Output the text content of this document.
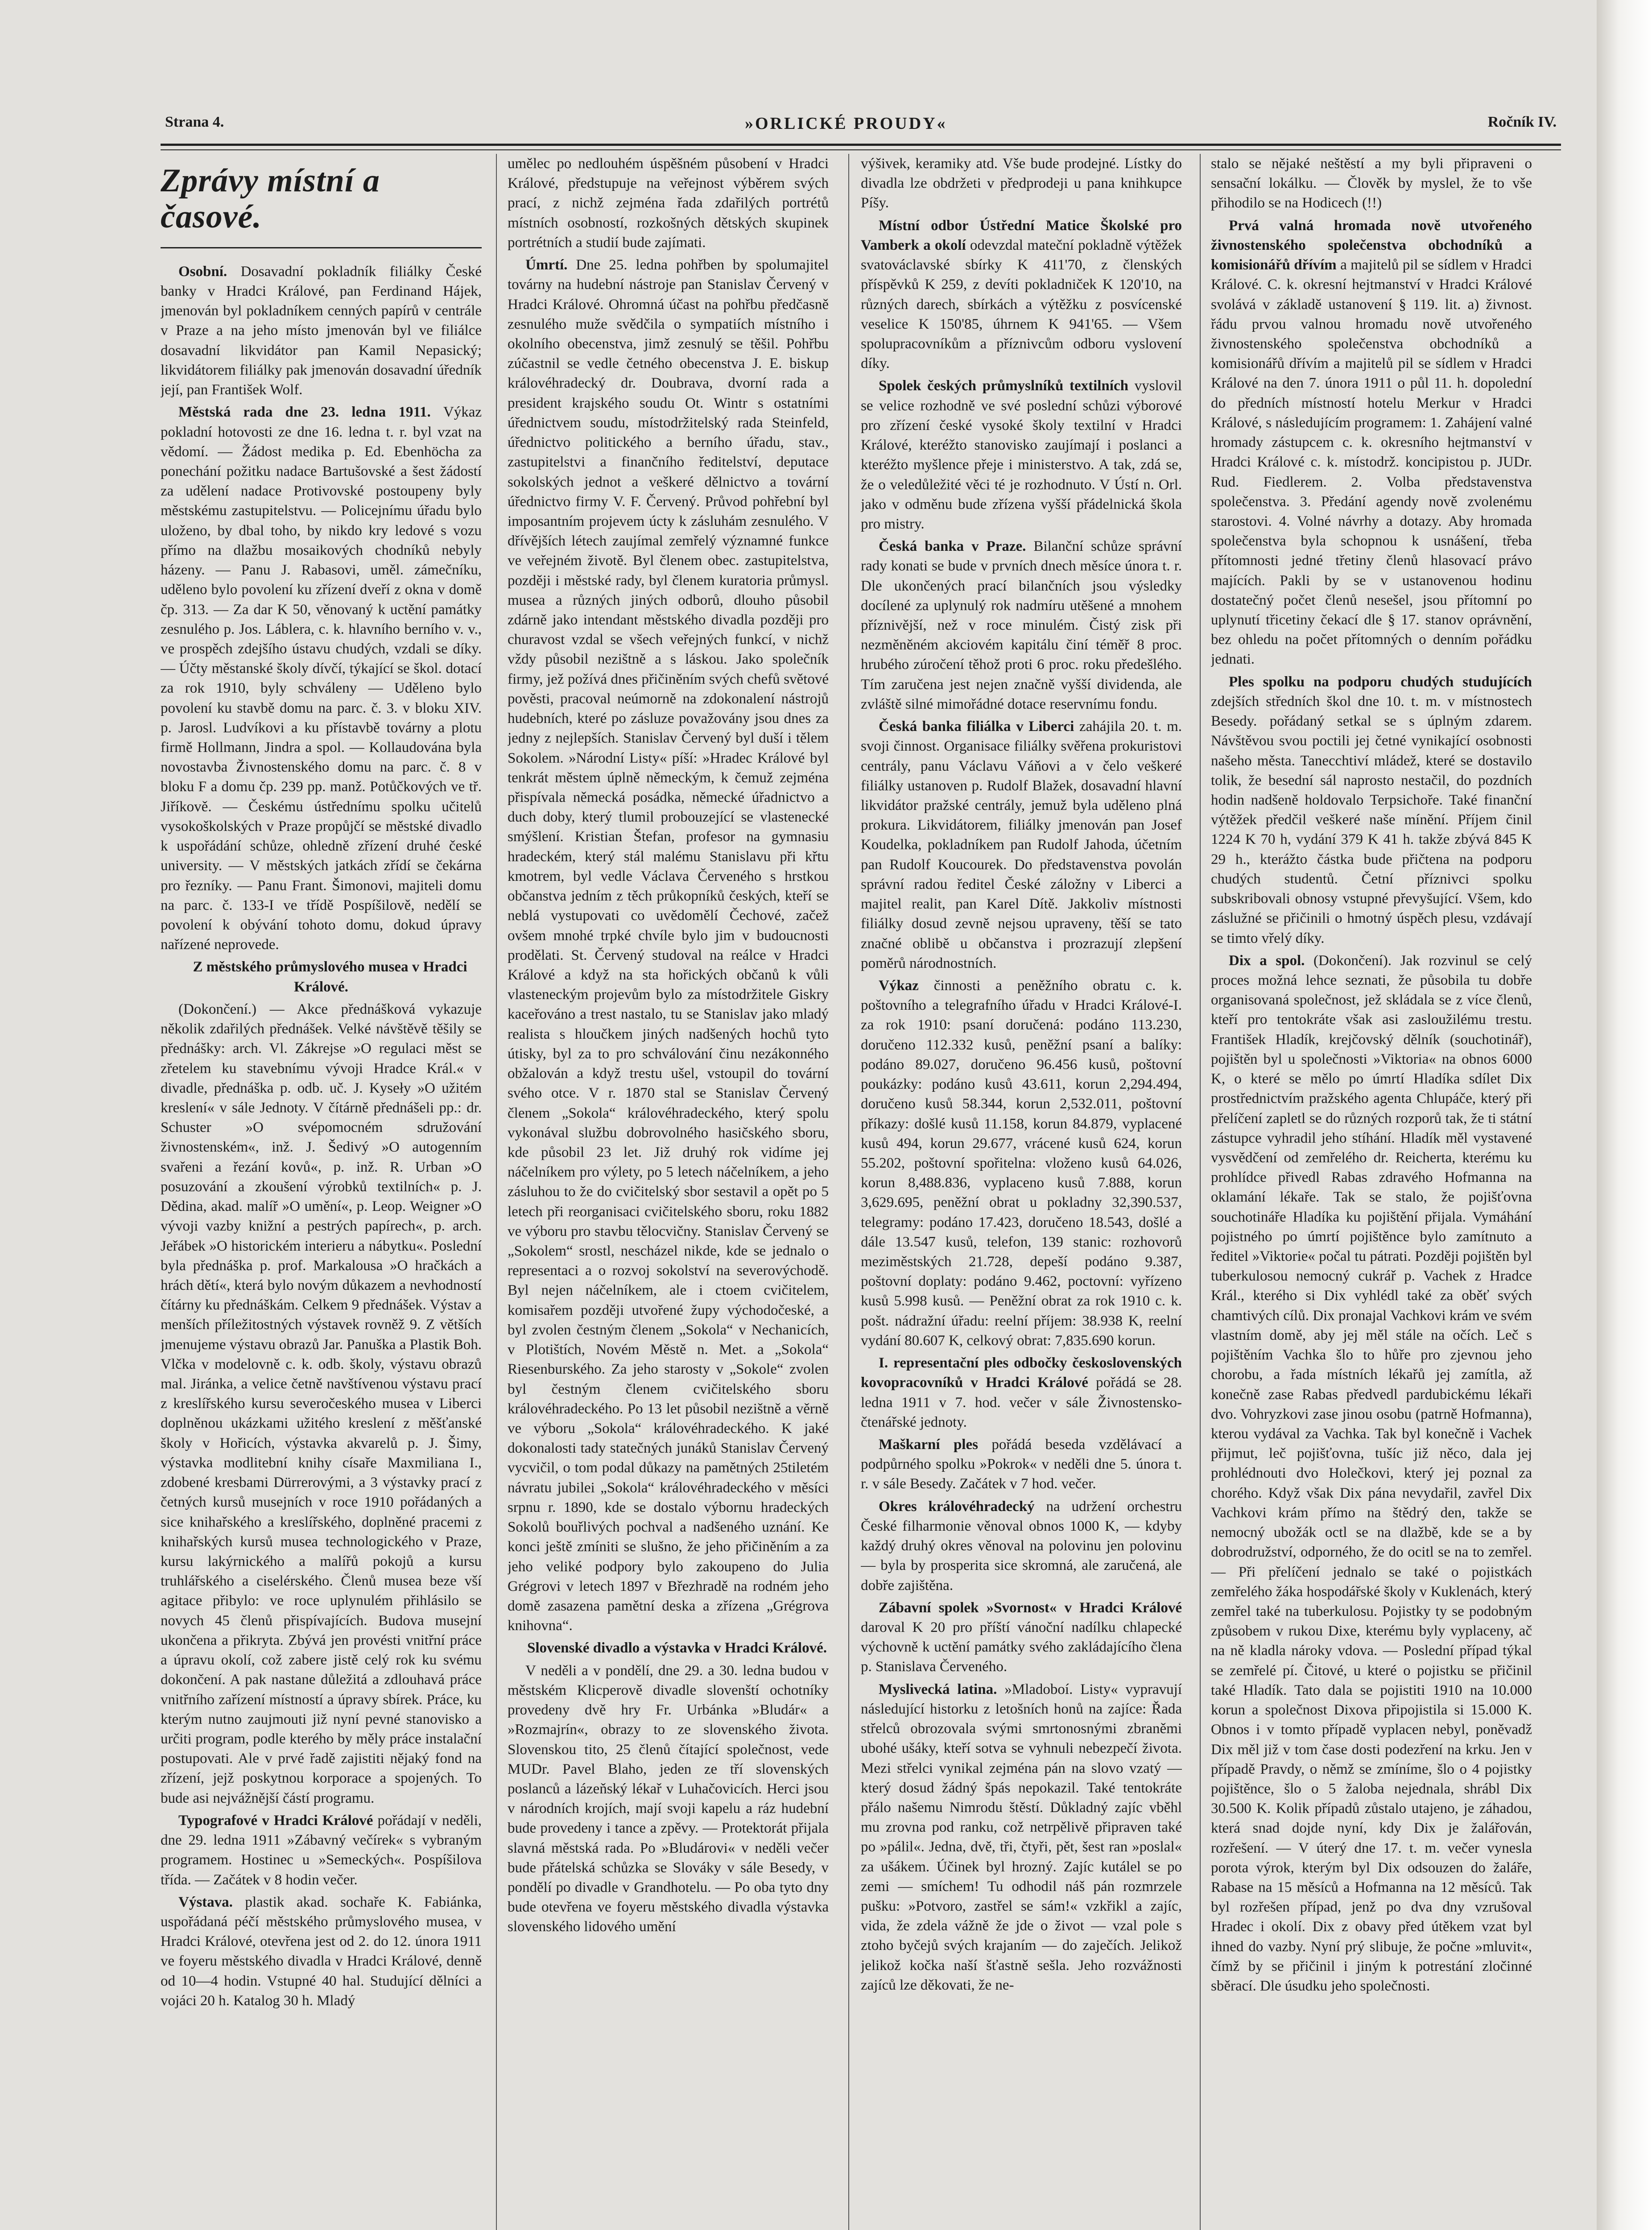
Strana 4.	»ORLICKÉ PROUDY«	Ročník IV.
Zprávy místní a časové.

Osobní. Dosavadní pokladník filiálky České banky v Hradci Králové, pan Ferdinand Hájek, jmenován byl pokladníkem cenných papírů v centrále v Praze a na jeho místo jmenován byl ve filiálce dosavadní likvidátor pan Kamil Nepasický; likvidátorem filiálky pak jmenován dosavadní úředník její, pan František Wolf.

Městská rada dne 23. ledna 1911. Výkaz pokladní hotovosti ze dne 16. ledna t. r. byl vzat na vědomí. — Žádost medika p. Ed. Ebenhöcha za ponechání požitku nadace Bartušovské a šest žádostí za udělení nadace Protivovské postoupeny byly městskému zastupitelstvu. — Policejnímu úřadu bylo uloženo, by dbal toho, by nikdo kry ledové s vozu přímo na dlažbu mosaikových chodníků nebyly házeny. — Panu J. Rabasovi, uměl. zámečníku, uděleno bylo povolení ku zřízení dveří z okna v domě čp. 313. — Za dar K 50, věnovaný k uctění památky zesnulého p. Jos. Láblera, c. k. hlavního berního v. v., ve prospěch zdejšího ústavu chudých, vzdali se díky. — Účty městanské školy dívčí, týkající se škol. dotací za rok 1910, byly schváleny — Uděleno bylo povolení ku stavbě domu na parc. č. 3. v bloku XIV. p. Jarosl. Ludvíkovi a ku přístavbě továrny a plotu firmě Hollmann, Jindra a spol. — Kollaudována byla novostavba Živnostenského domu na parc. č. 8 v bloku F a domu čp. 239 pp. manž. Potůčkových ve tř. Jiříkově. — Českému ústřednímu spolku učitelů vysokoškolských v Praze propůjčí se městské divadlo k uspořádání schůze, ohledně zřízení druhé české university. — V městských jatkách zřídí se čekárna pro řezníky. — Panu Frant. Šimonovi, majiteli domu na parc. č. 133-I ve třídě Pospíšilově, nedělí se povolení k obývání tohoto domu, dokud úpravy nařízené neprovede.

Z městského průmyslového musea v Hradci Králové.

(Dokončení.) — Akce přednášková vykazuje několik zdařilých přednášek. Velké návštěvě těšily se přednášky: arch. Vl. Zákrejse »O regulaci měst se zřetelem ku stavebnímu vývoji Hradce Král.« v divadle, přednáška p. odb. uč. J. Kyseły »O užitém kreslení« v sále Jednoty. V čítárně přednášeli pp.: dr. Schuster »O svépomocném sdružování živnostenském«, inž. J. Šedivý »O autogenním svařeni a řezání kovů«, p. inž. R. Urban »O posuzování a zkoušení výrobků textilních« p. J. Dědina, akad. malíř »O umění«, p. Leop. Weigner »O vývoji vazby knižní a pestrých papírech«, p. arch. Jeřábek »O historickém interieru a nábytku«. Poslední byla přednáška p. prof. Markalousa »O hračkách a hrách dětí«, která bylo novým důkazem a nevhodností čítárny ku přednáškám. Celkem 9 přednášek. Výstav a menších příležitostných výstavek rovněž 9. Z větších jmenujeme výstavu obrazů Jar. Panuška a Plastik Boh. Vlčka v modelovně c. k. odb. školy, výstavu obrazů mal. Jiránka, a velice četně navštívenou výstavu prací z kreslířského kursu severočeského musea v Liberci doplněnou ukázkami užitého kreslení z měšťanské školy v Hořicích, výstavka akvarelů p. J. Šimy, výstavka modlitební knihy císaře Maxmiliana I., zdobené kresbami Dürrerovými, a 3 výstavky prací z četných kursů musejních v roce 1910 pořádaných a sice knihařského a kreslířského, doplněné pracemi z knihařských kursů musea technologického v Praze, kursu lakýrnického a malířů pokojů a kursu truhlářského a ciselérského. Členů musea beze vší agitace přibylo: ve roce uplynulém přihlásilo se novych 45 členů přispívajících. Budova musejní ukončena a přikryta. Zbývá jen provésti vnitřní práce a úpravu okolí, což zabere jistě celý rok ku svému dokončení. A pak nastane důležitá a zdlouhavá práce vnitřního zařízení místností a úpravy sbírek. Práce, ku kterým nutno zaujmouti již nyní pevné stanovisko a určiti program, podle kterého by měly práce instalační postupovati. Ale v prvé řadě zajistiti nějaký fond na zřízení, jejž poskytnou korporace a spojených. To bude asi nejvážnější částí programu.

Typografové v Hradci Králové pořádají v neděli, dne 29. ledna 1911 »Zábavný večírek« s vybraným programem. Hostinec u »Semeckých«. Pospíšilova třída. — Začátek v 8 hodin večer.

Výstava. plastik akad. sochaře K. Fabiánka, uspořádaná péčí městského průmyslového musea, v Hradci Králové, otevřena jest od 2. do 12. února 1911 ve foyeru městského divadla v Hradci Králové, denně od 10—4 hodin. Vstupné 40 hal. Studující dělníci a vojáci 20 h. Katalog 30 h. Mladý

umělec po nedlouhém úspěšném působení v Hradci Králové, předstupuje na veřejnost výběrem svých prací, z nichž zejména řada zdařilých portrétů místních osobností, rozkošných dětských skupinek portrétních a studií bude zajímati.

Úmrtí. Dne 25. ledna pohřben by spolumajitel továrny na hudební nástroje pan Stanislav Červený v Hradci Králové. Ohromná účast na pohřbu předčasně zesnulého muže svědčila o sympatiích místního i okolního obecenstva, jimž zesnulý se těšil. Pohřbu zúčastnil se vedle četného obecenstva J. E. biskup královéhradecký dr. Doubrava, dvorní rada a president krajského soudu Ot. Wintr s ostatními úřednictvem soudu, místodržitelský rada Steinfeld, úřednictvo politického a berního úřadu, stav., zastupitelstvi a finančního ředitelství, deputace sokolských jednot a veškeré dělnictvo a tovární úřednictvo firmy V. F. Červený. Průvod pohřební byl imposantním projevem úcty k zásluhám zesnulého. V dřívějších létech zaujímal zemřelý významné funkce ve veřejném životě. Byl členem obec. zastupitelstva, později i městské rady, byl členem kuratoria průmysl. musea a různých jiných odborů, dlouho působil zdárně jako intendant městského divadla později pro churavost vzdal se všech veřejných funkcí, v nichž vždy působil nezištně a s láskou. Jako společník firmy, jež požívá dnes přičiněním svých chefů světové pověsti, pracoval neúmorně na zdokonalení nástrojů hudebních, které po zásluze považovány jsou dnes za jedny z nejlepších. Stanislav Červený byl duší i tělem Sokolem. »Národní Listy« píší: »Hradec Králové byl tenkrát městem úplně německým, k čemuž zejména přispívala německá posádka, německé úřadnictvo a duch doby, který tlumil probouzející se vlastenecké smýšlení. Kristian Štefan, profesor na gymnasiu hradeckém, který stál malému Stanislavu při křtu kmotrem, byl vedle Václava Červeného s hrstkou občanstva jedním z těch průkopníků českých, kteří se neblá vystupovati co uvědomělí Čechové, začež ovšem mnohé trpké chvíle bylo jim v budoucnosti prodělati. St. Červený studoval na reálce v Hradci Králové a když na sta hořických občanů k vůli vlasteneckým projevům bylo za místodržitele Giskry kaceřováno a trest nastalo, tu se Stanislav jako mladý realista s hloučkem jiných nadšených hochů tyto útisky, byl za to pro schválování činu nezákonného obžalován a když trestu ušel, vstoupil do tovární svého otce. V r. 1870 stal se Stanislav Červený členem „Sokola“ královéhradeckého, který spolu vykonával službu dobrovolného hasičského sboru, kde působil 23 let. Již druhý rok vidíme jej náčelníkem pro výlety, po 5 letech náčelníkem, a jeho zásluhou to že do cvičitelský sbor sestavil a opět po 5 letech při reorganisaci cvičitelského sboru, roku 1882 ve výboru pro stavbu tělocvičny. Stanislav Červený se „Sokolem“ srostl, nescházel nikde, kde se jednalo o representaci a o rozvoj sokolství na severovýchodě. Byl nejen náčelníkem, ale i ctoem cvičitelem, komisařem později utvořené župy východočeské, a byl zvolen čestným členem „Sokola“ v Nechanicích, v Plotištích, Novém Městě n. Met. a „Sokola“ Riesenburského. Za jeho starosty v „Sokole“ zvolen byl čestným členem cvičitelského sboru královéhradeckého. Po 13 let působil nezištně a věrně ve výboru „Sokola“ královéhradeckého. K jaké dokonalosti tady statečných junáků Stanislav Červený vycvičil, o tom podal důkazy na pamětných 25tiletém návratu jubilei „Sokola“ královéhradeckého v měsíci srpnu r. 1890, kde se dostalo výbornu hradeckých Sokolů bouřlivých pochval a nadšeného uznání. Ke konci ještě zmíniti se slušno, že jeho přičiněním a za jeho veliké podpory bylo zakoupeno do Julia Grégrovi v letech 1897 v Březhradě na rodném jeho domě zasazena pamětní deska a zřízena „Grégrova knihovna“.

Slovenské divadlo a výstavka v Hradci Králové.

V neděli a v pondělí, dne 29. a 30. ledna budou v městském Klicperově divadle slovenští ochotníky provedeny dvě hry Fr. Urbánka »Bludár« a »Rozmajrín«, obrazy to ze slovenského života. Slovenskou tito, 25 členů čítající společnost, vede MUDr. Pavel Blaho, jeden ze tří slovenských poslanců a lázeňský lékař v Luhačovicích. Herci jsou v národních krojích, mají svoji kapelu a ráz hudební bude provedeny i tance a zpěvy. — Protektorát přijala slavná městská rada. Po »Bludárovi« v neděli večer bude přátelská schůzka se Slováky v sále Besedy, v pondělí po divadle v Grandhotelu. — Po oba tyto dny bude otevřena ve foyeru městského divadla výstavka slovenského lidového umění

výšivek, keramiky atd. Vše bude prodejné. Lístky do divadla lze obdržeti v předprodeji u pana knihkupce Píšy.

Místní odbor Ústřední Matice Školské pro Vamberk a okolí odevzdal mateční pokladně výtěžek svatováclavské sbírky K 411'70, z členských příspěvků K 259, z devíti pokladniček K 120'10, na různých darech, sbírkách a výtěžku z posvícenské veselice K 150'85, úhrnem K 941'65. — Všem spolupracovníkům a příznivcům odboru vyslovení díky.

Spolek českých průmyslníků textilních vyslovil se velice rozhodně ve své poslední schůzi výborové pro zřízení české vysoké školy textilní v Hradci Králové, kteréžto stanovisko zaujímají i poslanci a kteréžto myšlence přeje i ministerstvo. A tak, zdá se, že o veledůležité věci té je rozhodnuto. V Ústí n. Orl. jako v odměnu bude zřízena vyšší přádelnická škola pro mistry.

Česká banka v Praze. Bilanční schůze správní rady konati se bude v prvních dnech měsíce února t. r. Dle ukončených prací bilančních jsou výsledky docílené za uplynulý rok nadmíru utěšené a mnohem příznivější, než v roce minulém. Čistý zisk při nezměněném akciovém kapitálu činí téměř 8 proc. hrubého zúročení těhož proti 6 proc. roku předešlého. Tím zaručena jest nejen značně vyšší dividenda, ale zvláště silné mimořádné dotace reservnímu fondu.

Česká banka filiálka v Liberci zahájila 20. t. m. svoji činnost. Organisace filiálky svěřena prokuristovi centrály, panu Václavu Váňovi a v čelo veškeré filiálky ustanoven p. Rudolf Blažek, dosavadní hlavní likvidátor pražské centrály, jemuž byla uděleno plná prokura. Likvidátorem, filiálky jmenován pan Josef Koudelka, pokladníkem pan Rudolf Jahoda, účetním pan Rudolf Koucourek. Do představenstva povolán správní radou ředitel České záložny v Liberci a majitel realit, pan Karel Dítě. Jakkoliv místnosti filiálky dosud zevně nejsou upraveny, těší se tato značné oblibě u občanstva i prozrazují zlepšení poměrů národnostních.

Výkaz činnosti a peněžního obratu c. k. poštovního a telegrafního úřadu v Hradci Králové-I. za rok 1910: psaní doručená: podáno 113.230, doručeno 112.332 kusů, peněžní psaní a balíky: podáno 89.027, doručeno 96.456 kusů, poštovní poukázky: podáno kusů 43.611, korun 2,294.494, doručeno kusů 58.344, korun 2,532.011, poštovní příkazy: došlé kusů 11.158, korun 84.879, vyplacené kusů 494, korun 29.677, vrácené kusů 624, korun 55.202, poštovní spořitelna: vloženo kusů 64.026, korun 8,488.836, vyplaceno kusů 7.888, korun 3,629.695, peněžní obrat u pokladny 32,390.537, telegramy: podáno 17.423, doručeno 18.543, došlé a dále 13.547 kusů, telefon, 139 stanic: rozhovorů meziměstských 21.728, depeší podáno 9.387, poštovní doplaty: podáno 9.462, poctovní: vyřízeno kusů 5.998 kusů. — Peněžní obrat za rok 1910 c. k. pošt. nádražní úřadu: reelní příjem: 38.938 K, reelní vydání 80.607 K, celkový obrat: 7,835.690 korun.

I. representační ples odbočky československých kovopracovníků v Hradci Králové pořádá se 28. ledna 1911 v 7. hod. večer v sále Živnostensko-čtenářské jednoty.

Maškarní ples pořádá beseda vzdělávací a podpůrného spolku »Pokrok« v neděli dne 5. února t. r. v sále Besedy. Začátek v 7 hod. večer.

Okres královéhradecký na udržení orchestru České filharmonie věnoval obnos 1000 K, — kdyby každý druhý okres věnoval na polovinu jen polovinu — byla by prosperita sice skromná, ale zaručená, ale dobře zajištěna.

Zábavní spolek »Svornost« v Hradci Králové daroval K 20 pro příští vánoční nadílku chlapecké výchovně k uctění památky svého zakládajícího člena p. Stanislava Červeného.

Myslivecká latina. »Mladoboí. Listy« vypravují následující historku z letošních honů na zajíce: Řada střelců obrozovala svými smrtonosnými zbraněmi ubohé ušáky, kteří sotva se vyhnuli nebezpečí života. Mezi střelci vynikal zejména pán na slovo vzatý — který dosud žádný špás nepokazil. Také tentokráte přálo našemu Nimrodu štěstí. Důkladný zajíc vběhl mu zrovna pod ranku, což netrpělivě připraven také po »pálil«. Jedna, dvě, tři, čtyři, pět, šest ran »poslal« za ušákem. Účinek byl hrozný. Zajíc kutálel se po zemi — smíchem! Tu odhodil náš pán rozmrzele pušku: »Potvoro, zastřel se sám!« vzkřikl a zajíc, vida, že zdela vážně že jde o život — vzal pole s ztoho byčejů svých krajaním — do zaječích. Jelikož jelikož kočka naší šťastně sešla. Jeho rozvážnosti zajíců lze děkovati, že ne-

stalo se nějaké neštěstí a my byli připraveni o sensační lokálku. — Člověk by myslel, že to vše přihodilo se na Hodicech (!!)

Prvá valná hromada nově utvořeného živnostenského společenstva obchodníků a komisionářů dřívím a majitelů pil se sídlem v Hradci Králové. C. k. okresní hejtmanství v Hradci Králové svolává v základě ustanovení § 119. lit. a) živnost. řádu prvou valnou hromadu nově utvořeného živnostenského společenstva obchodníků a komisionářů dřívím a majitelů pil se sídlem v Hradci Králové na den 7. února 1911 o půl 11. h. dopolední do předních místností hotelu Merkur v Hradci Králové, s následujícím programem: 1. Zahájení valné hromady zástupcem c. k. okresního hejtmanství v Hradci Králové c. k. místodrž. koncipistou p. JUDr. Rud. Fiedlerem. 2. Volba představenstva společenstva. 3. Předání agendy nově zvolenému starostovi. 4. Volné návrhy a dotazy. Aby hromada společenstva byla schopnou k usnášení, třeba přítomnosti jedné třetiny členů hlasovací právo majících. Pakli by se v ustanovenou hodinu dostatečný počet členů nesešel, jsou přítomní po uplynutí třicetiny čekací dle § 17. stanov oprávnění, bez ohledu na počet přítomných o denním pořádku jednati.

Ples spolku na podporu chudých studujících zdejších středních škol dne 10. t. m. v místnostech Besedy. pořádaný setkal se s úplným zdarem. Návštěvou svou poctili jej četné vynikající osobnosti našeho města. Tanecchtiví mládež, které se dostavilo tolik, že besední sál naprosto nestačil, do pozdních hodin nadšeně holdovalo Terpsichoře. Také finanční výtěžek předčil veškeré naše mínění. Příjem činil 1224 K 70 h, vydání 379 K 41 h. takže zbývá 845 K 29 h., kterážto částka bude přičtena na podporu chudých studentů. Četní příznivci spolku subskribovali obnosy vstupné převyšující. Všem, kdo záslužné se přičinili o hmotný úspěch plesu, vzdávají se timto vřelý díky.

Dix a spol. (Dokončení). Jak rozvinul se celý proces možná lehce seznati, že působila tu dobře organisovaná společnost, jež skládala se z více členů, kteří pro tentokráte však asi zasloužilému trestu. František Hladík, krejčovský dělník (souchotinář), pojištěn byl u společnosti »Viktoria« na obnos 6000 K, o které se mělo po úmrtí Hladíka sdílet Dix prostřednictvím pražského agenta Chlupáče, který při přelíčení zapletl se do různých rozporů tak, že ti státní zástupce vyhradil jeho stíhání. Hladík měl vystavené vysvědčení od zemřelého dr. Reicherta, kterému ku prohlídce přivedl Rabas zdravého Hofmanna na oklamání lékaře. Tak se stalo, že pojišťovna souchotináře Hladíka ku pojištění přijala. Vymáhání pojistného po úmrtí pojištěnce bylo zamítnuto a ředitel »Viktorie« počal tu pátrati. Později pojištěn byl tuberkulosou nemocný cukrář p. Vachek z Hradce Král., kterého si Dix vyhlédl také za oběť svých chamtivých cílů. Dix pronajal Vachkovi krám ve svém vlastním domě, aby jej měl stále na očích. Leč s pojištěním Vachka šlo to hůře pro zjevnou jeho chorobu, a řada místních lékařů jej zamítla, až konečně zase Rabas předvedl pardubickému lékaři dvo. Vohryzkovi zase jinou osobu (patrně Hofmanna), kterou vydával za Vachka. Tak byl konečně i Vachek přijmut, leč pojišťovna, tušíc již něco, dala jej prohlédnouti dvo Holečkovi, který jej poznal za chorého. Když však Dix pána nevydařil, zavřel Dix Vachkovi krám přímo na štědrý den, takže se nemocný ubožák octl se na dlažbě, kde se a by dobrodružství, odporného, že do ocitl se na to zemřel. — Při přelíčení jednalo se také o pojistkách zemřelého žáka hospodářské školy v Kuklenách, který zemřel také na tuberkulosu. Pojistky ty se podobným způsobem v rukou Dixe, kterému byly vyplaceny, ač na ně kladla nároky vdova. — Poslední případ týkal se zemřelé pí. Čitové, u které o pojistku se přičinil také Hladík. Tato dala se pojistiti 1910 na 10.000 korun a společnost Dixova připojistila si 15.000 K. Obnos i v tomto případě vyplacen nebyl, poněvadž Dix měl již v tom čase dosti podezření na krku. Jen v případě Pravdy, o němž se zmíníme, šlo o 4 pojistky pojištěnce, šlo o 5 žaloba nejednala, shrábl Dix 30.500 K. Kolik případů zůstalo utajeno, je záhadou, která snad dojde nyní, kdy Dix je žalářován, rozřešení. — V úterý dne 17. t. m. večer vynesla porota výrok, kterým byl Dix odsouzen do žaláře, Rabase na 15 měsíců a Hofmanna na 12 měsíců. Tak byl rozřešen případ, jenž po dva dny vzrušoval Hradec i okolí. Dix z obavy před útěkem vzat byl ihned do vazby. Nyní prý slibuje, že počne »mluvit«, čímž by se přičinil i jiným k potrestání zločinné sběrací. Dle úsudku jeho společnosti.
